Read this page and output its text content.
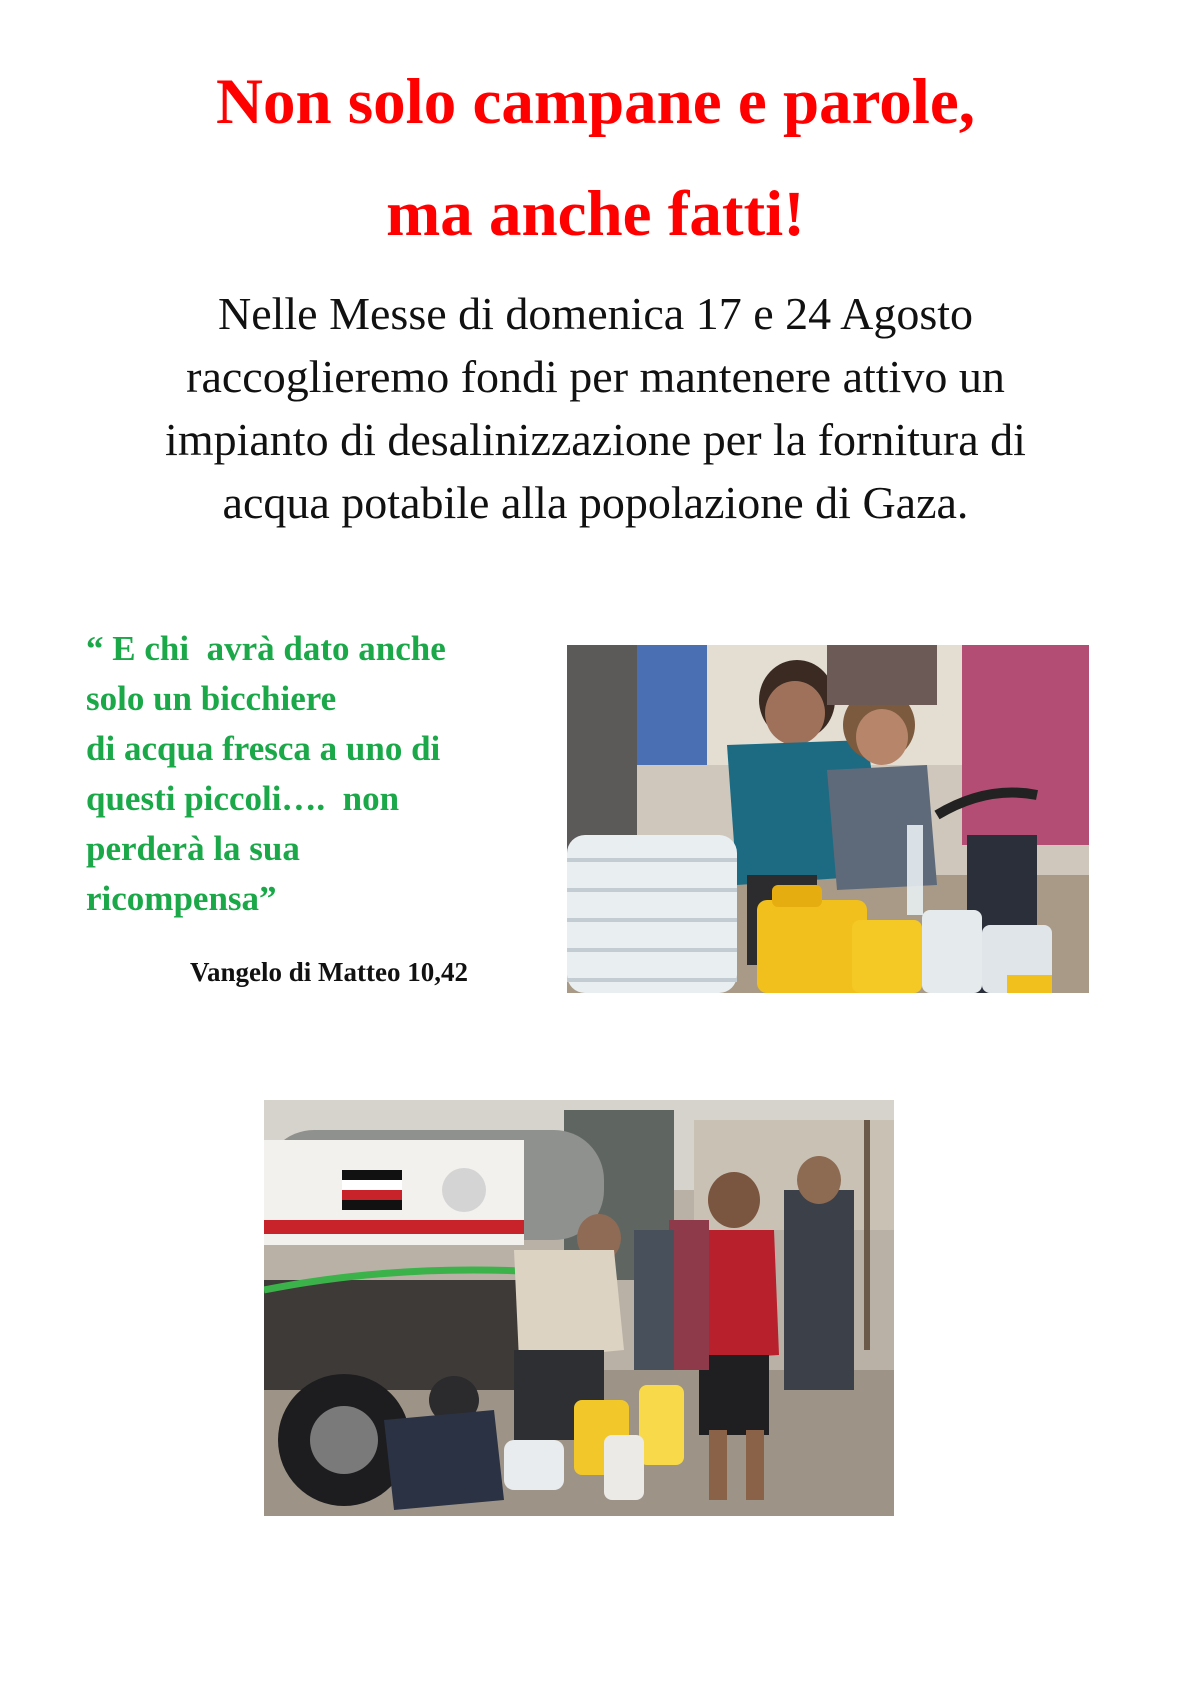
Non solo campane e parole,
ma anche fatti!

Nelle Messe di domenica 17 e 24 Agosto
raccoglieremo fondi per mantenere attivo un
impianto di desalinizzazione per la fornitura di
acqua potabile alla popolazione di Gaza.

“ E chi  avrà dato anche
solo un bicchiere
di acqua fresca a uno di
questi piccoli….  non
perderà la sua
ricompensa”

Vangelo di Matteo 10,42
